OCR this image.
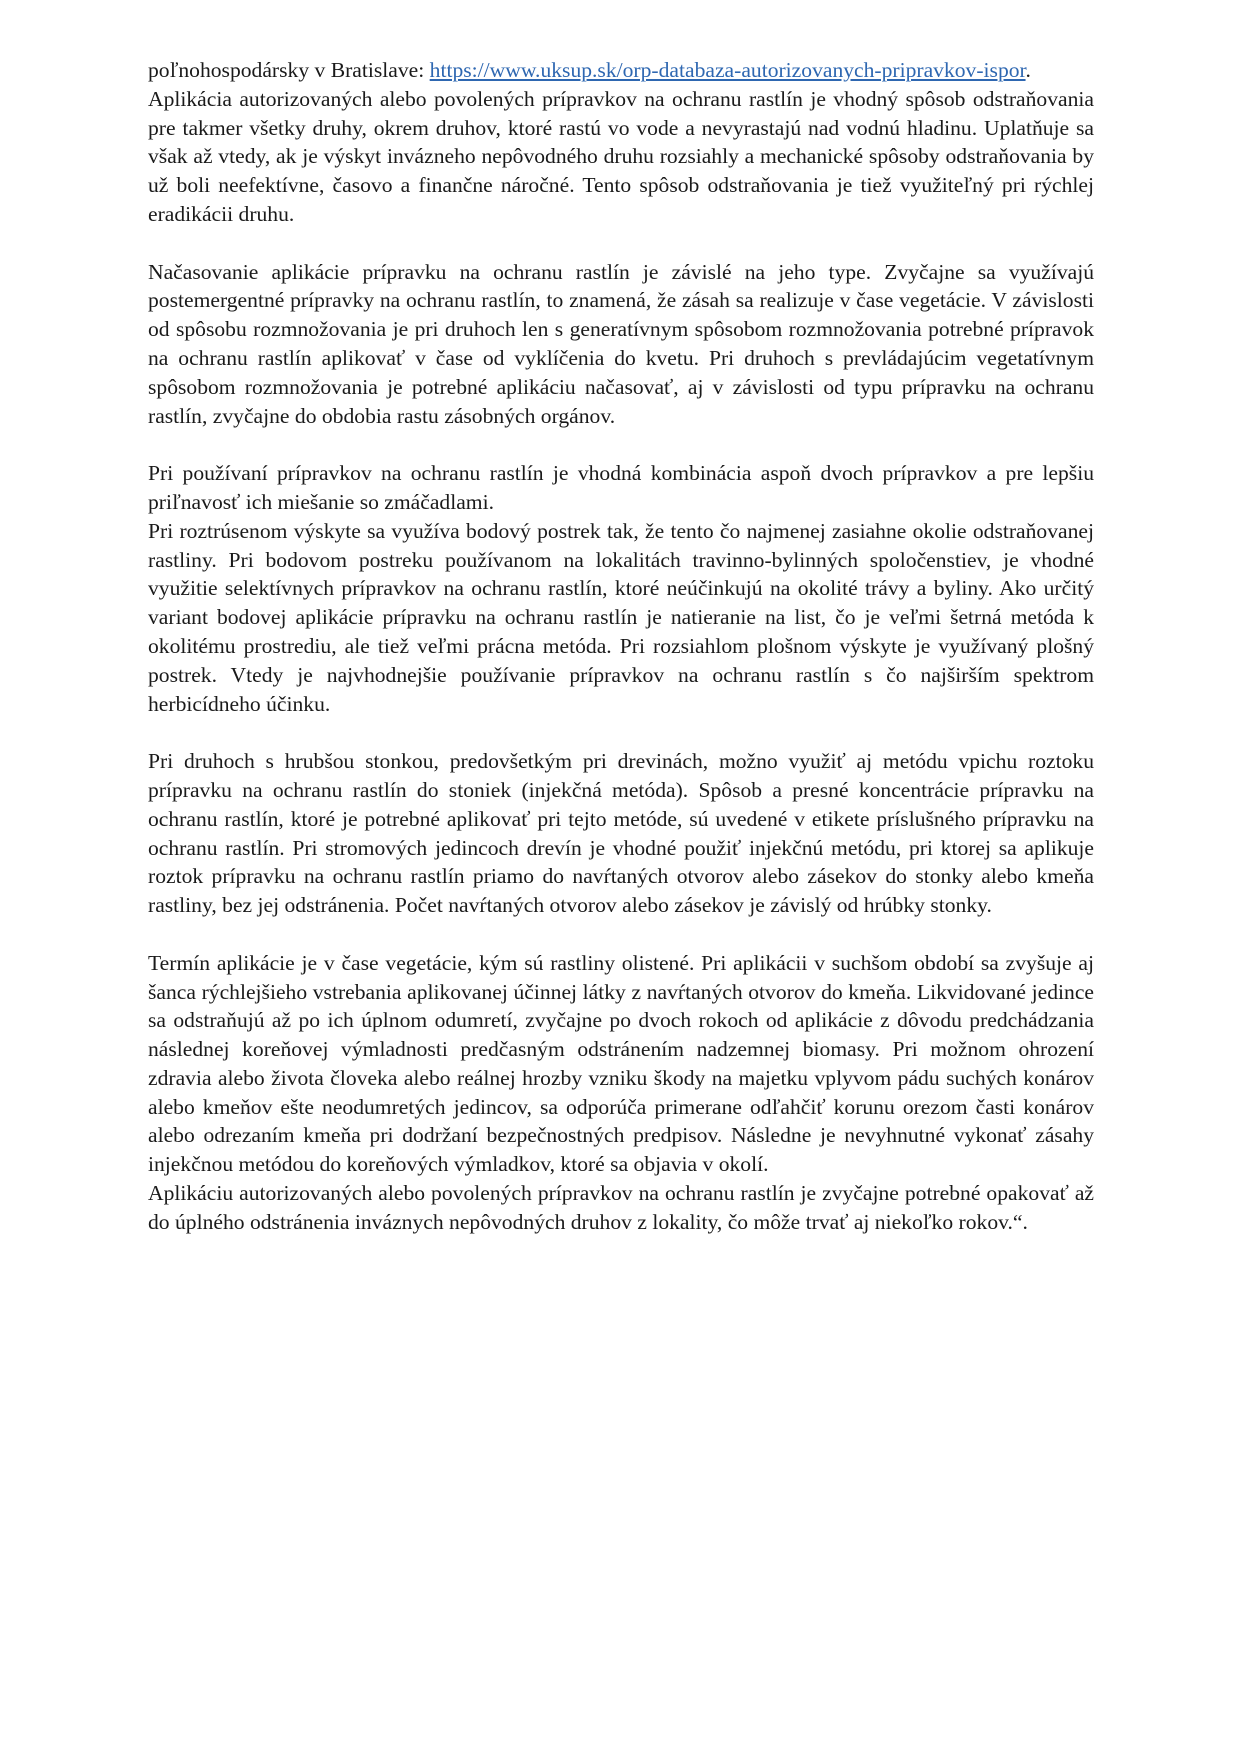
poľnohospodársky v Bratislave: https://www.uksup.sk/orp-databaza-autorizovanych-pripravkov-ispor.

Aplikácia autorizovaných alebo povolených prípravkov na ochranu rastlín je vhodný spôsob odstraňovania pre takmer všetky druhy, okrem druhov, ktoré rastú vo vode a nevyrastajú nad vodnú hladinu. Uplatňuje sa však až vtedy, ak je výskyt invázneho nepôvodného druhu rozsiahly a mechanické spôsoby odstraňovania by už boli neefektívne, časovo a finančne náročné. Tento spôsob odstraňovania je tiež využiteľný pri rýchlej eradikácii druhu.

Načasovanie aplikácie prípravku na ochranu rastlín je závislé na jeho type. Zvyčajne sa využívajú postemergentné prípravky na ochranu rastlín, to znamená, že zásah sa realizuje v čase vegetácie. V závislosti od spôsobu rozmnožovania je pri druhoch len s generatívnym spôsobom rozmnožovania potrebné prípravok na ochranu rastlín aplikovať v čase od vyklíčenia do kvetu. Pri druhoch s prevládajúcim vegetatívnym spôsobom rozmnožovania je potrebné aplikáciu načasovať, aj v závislosti od typu prípravku na ochranu rastlín, zvyčajne do obdobia rastu zásobných orgánov.

Pri používaní prípravkov na ochranu rastlín je vhodná kombinácia aspoň dvoch prípravkov a pre lepšiu priľnavosť ich miešanie so zmáčadlami.

Pri roztrúsenom výskyte sa využíva bodový postrek tak, že tento čo najmenej zasiahne okolie odstraňovanej rastliny. Pri bodovom postreku používanom na lokalitách travinno-bylinných spoločenstiev, je vhodné využitie selektívnych prípravkov na ochranu rastlín, ktoré neúčinkujú na okolité trávy a byliny. Ako určitý variant bodovej aplikácie prípravku na ochranu rastlín je natieranie na list, čo je veľmi šetrná metóda k okolitému prostrediu, ale tiež veľmi prácna metóda. Pri rozsiahlom plošnom výskyte je využívaný plošný postrek. Vtedy je najvhodnejšie používanie prípravkov na ochranu rastlín s čo najširším spektrom herbicídneho účinku.

Pri druhoch s hrubšou stonkou, predovšetkým pri drevinách, možno využiť aj metódu vpichu roztoku prípravku na ochranu rastlín do stoniek (injekčná metóda). Spôsob a presné koncentrácie prípravku na ochranu rastlín, ktoré je potrebné aplikovať pri tejto metóde, sú uvedené v etikete príslušného prípravku na ochranu rastlín. Pri stromových jedincoch drevín je vhodné použiť injekčnú metódu, pri ktorej sa aplikuje roztok prípravku na ochranu rastlín priamo do navŕtaných otvorov alebo zásekov do stonky alebo kmeňa rastliny, bez jej odstránenia. Počet navŕtaných otvorov alebo zásekov je závislý od hrúbky stonky.

Termín aplikácie je v čase vegetácie, kým sú rastliny olistené. Pri aplikácii v suchšom období sa zvyšuje aj šanca rýchlejšieho vstrebania aplikovanej účinnej látky z navŕtaných otvorov do kmeňa. Likvidované jedince sa odstraňujú až po ich úplnom odumretí, zvyčajne po dvoch rokoch od aplikácie z dôvodu predchádzania následnej koreňovej výmladnosti predčasným odstránením nadzemnej biomasy. Pri možnom ohrození zdravia alebo života človeka alebo reálnej hrozby vzniku škody na majetku vplyvom pádu suchých konárov alebo kmeňov ešte neodumretých jedincov, sa odporúča primerane odľahčiť korunu orezom časti konárov alebo odrezaním kmeňa pri dodržaní bezpečnostných predpisov. Následne je nevyhnutné vykonať zásahy injekčnou metódou do koreňových výmladkov, ktoré sa objavia v okolí.

Aplikáciu autorizovaných alebo povolených prípravkov na ochranu rastlín je zvyčajne potrebné opakovať až do úplného odstránenia inváznych nepôvodných druhov z lokality, čo môže trvať aj niekoľko rokov.“.
